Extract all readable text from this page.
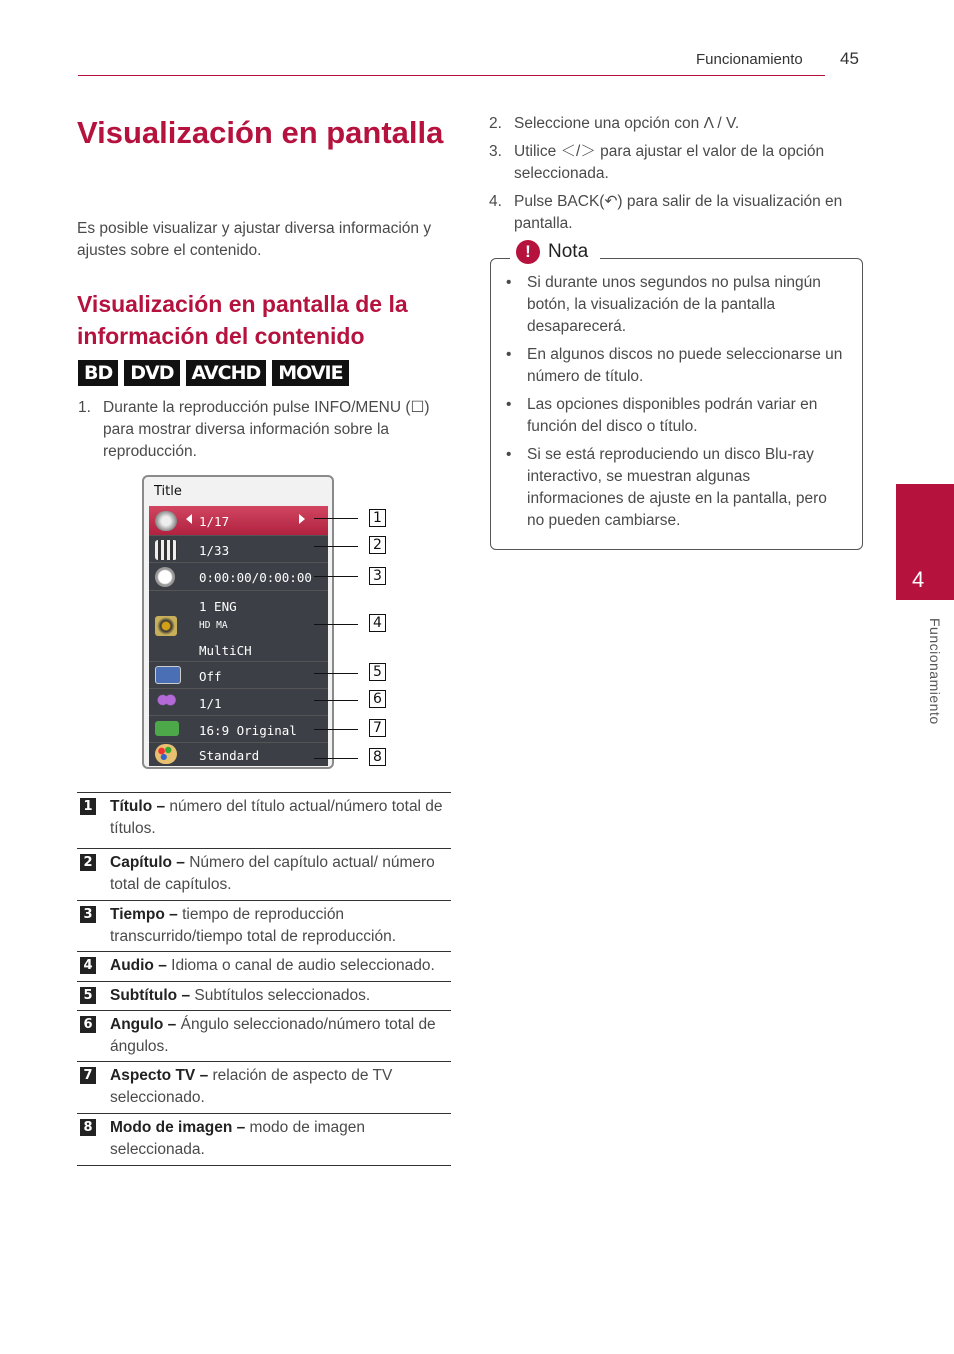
Funcionamiento 45
Visualización en pantalla
Es posible visualizar y ajustar diversa información y ajustes sobre el contenido.
Visualización en pantalla de la información del contenido
BD DVD AVCHD MOVIE
1. Durante la reproducción pulse INFO/MENU (☐) para mostrar diversa información sobre la reproducción.
Title
1/17
1/33
0:00:00/0:00:00
1 ENG
HD MA
MultiCH
Off
1/1
16:9 Original
Standard
1
2
3
4
5
6
7
8
1 Título – número del título actual/número total de títulos.
2 Capítulo – Número del capítulo actual/ número total de capítulos.
3 Tiempo – tiempo de reproducción transcurrido/tiempo total de reproducción.
4 Audio – Idioma o canal de audio seleccionado.
5 Subtítulo – Subtítulos seleccionados.
6 Angulo – Ángulo seleccionado/número total de ángulos.
7 Aspecto TV – relación de aspecto de TV seleccionado.
8 Modo de imagen – modo de imagen seleccionada.
2. Seleccione una opción con Λ / V.
3. Utilice ＜/＞ para ajustar el valor de la opción seleccionada.
4. Pulse BACK(↶) para salir de la visualización en pantalla.
• Si durante unos segundos no pulsa ningún botón, la visualización de la pantalla desaparecerá.
• En algunos discos no puede seleccionarse un número de título.
• Las opciones disponibles podrán variar en función del disco o título.
• Si se está reproduciendo un disco Blu-ray interactivo, se muestran algunas informaciones de ajuste en la pantalla, pero no pueden cambiarse.
! Nota
4
Funcionamiento
